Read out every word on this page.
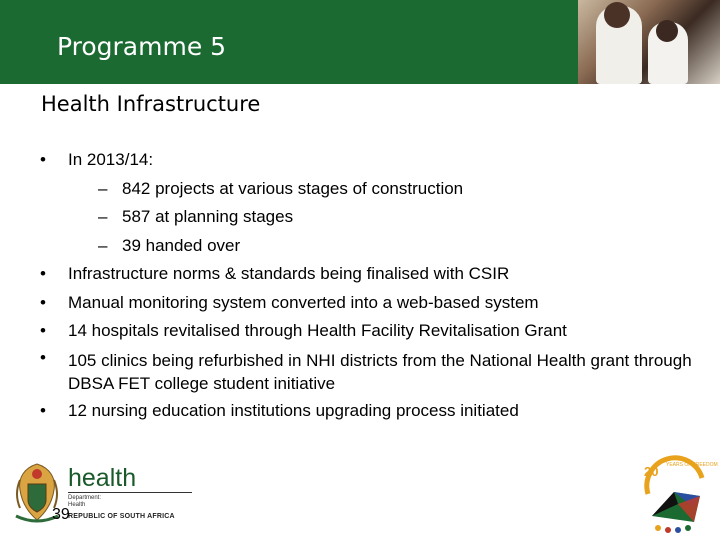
Programme 5
Health Infrastructure
• In 2013/14:
– 842 projects at various stages of construction
– 587 at planning stages
– 39 handed over
• Infrastructure norms & standards being finalised with CSIR
• Manual monitoring system converted into a web-based system
• 14 hospitals revitalised through Health Facility Revitalisation Grant
• 105 clinics being refurbished in NHI districts from the National Health grant through DBSA FET college student initiative
• 12 nursing education institutions upgrading process initiated
health
Department:
Health
REPUBLIC OF SOUTH AFRICA
39
20 YEARS OF FREEDOM
